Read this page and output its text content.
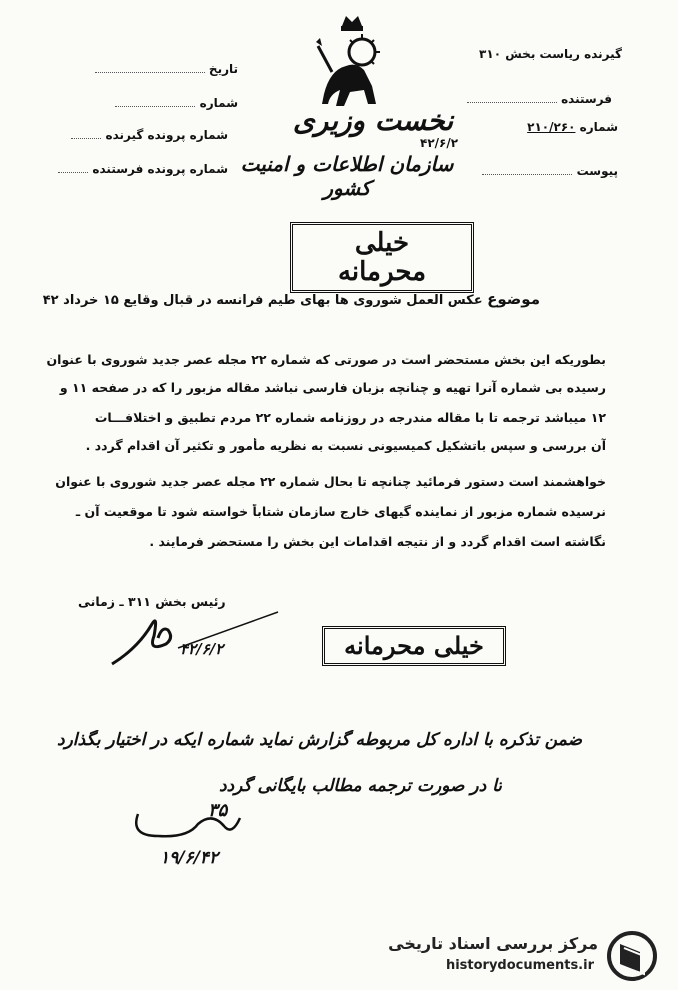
گیرنده ریاست بخش ۳۱۰
فرستنده
شماره ۲۱۰/۲۶۰
۴۲/۶/۲
پیوست
تاریخ
شماره
شماره پرونده گیرنده
شماره پرونده فرستنده
نخست وزیری
سازمان اطلاعات و امنیت کشور
خیلی محرمانه
موضوع عکس العمل شوروی ها بهای طیم فرانسه در قبال وقایع ۱۵ خرداد ۴۲
بطوریکه این بخش مستحضر است در صورتی که شماره ۲۲ مجله عصر جدید شوروی با عنوان
رسیده بی شماره آنرا تهیه و چنانچه بزبان فارسی نباشد مقاله مزبور را که در صفحه ۱۱ و
۱۲ میباشد ترجمه تا با مقاله مندرجه در روزنامه شماره ۲۲ مردم تطبیق و اختلافـــات
آن بررسی و سپس باتشکیل کمیسیونی نسبت به نظریه مأمور و تکثیر آن اقدام گردد .
خواهشمند است دستور فرمائید چنانچه تا بحال شماره ۲۲ مجله عصر جدید شوروی با عنوان
نرسیده شماره مزبور از نماینده گیهای خارج سازمان شتاباً خواسته شود تا موقعیت آن ـ
نگاشته است اقدام گردد و از نتیجه اقدامات این بخش را مستحضر فرمایند .
رئیس بخش ۳۱۱ ـ زمانی
۴۲/۶/۲	خیلی محرمانه
ضمن تذکره با اداره کل مربوطه گزارش نماید شماره ایکه در اختیار بگذارد
تا در صورت ترجمه مطالب بایگانی گردد
۳۵
۱۹/۶/۴۲
مرکز بررسی اسناد تاریخی
historydocuments.ir
